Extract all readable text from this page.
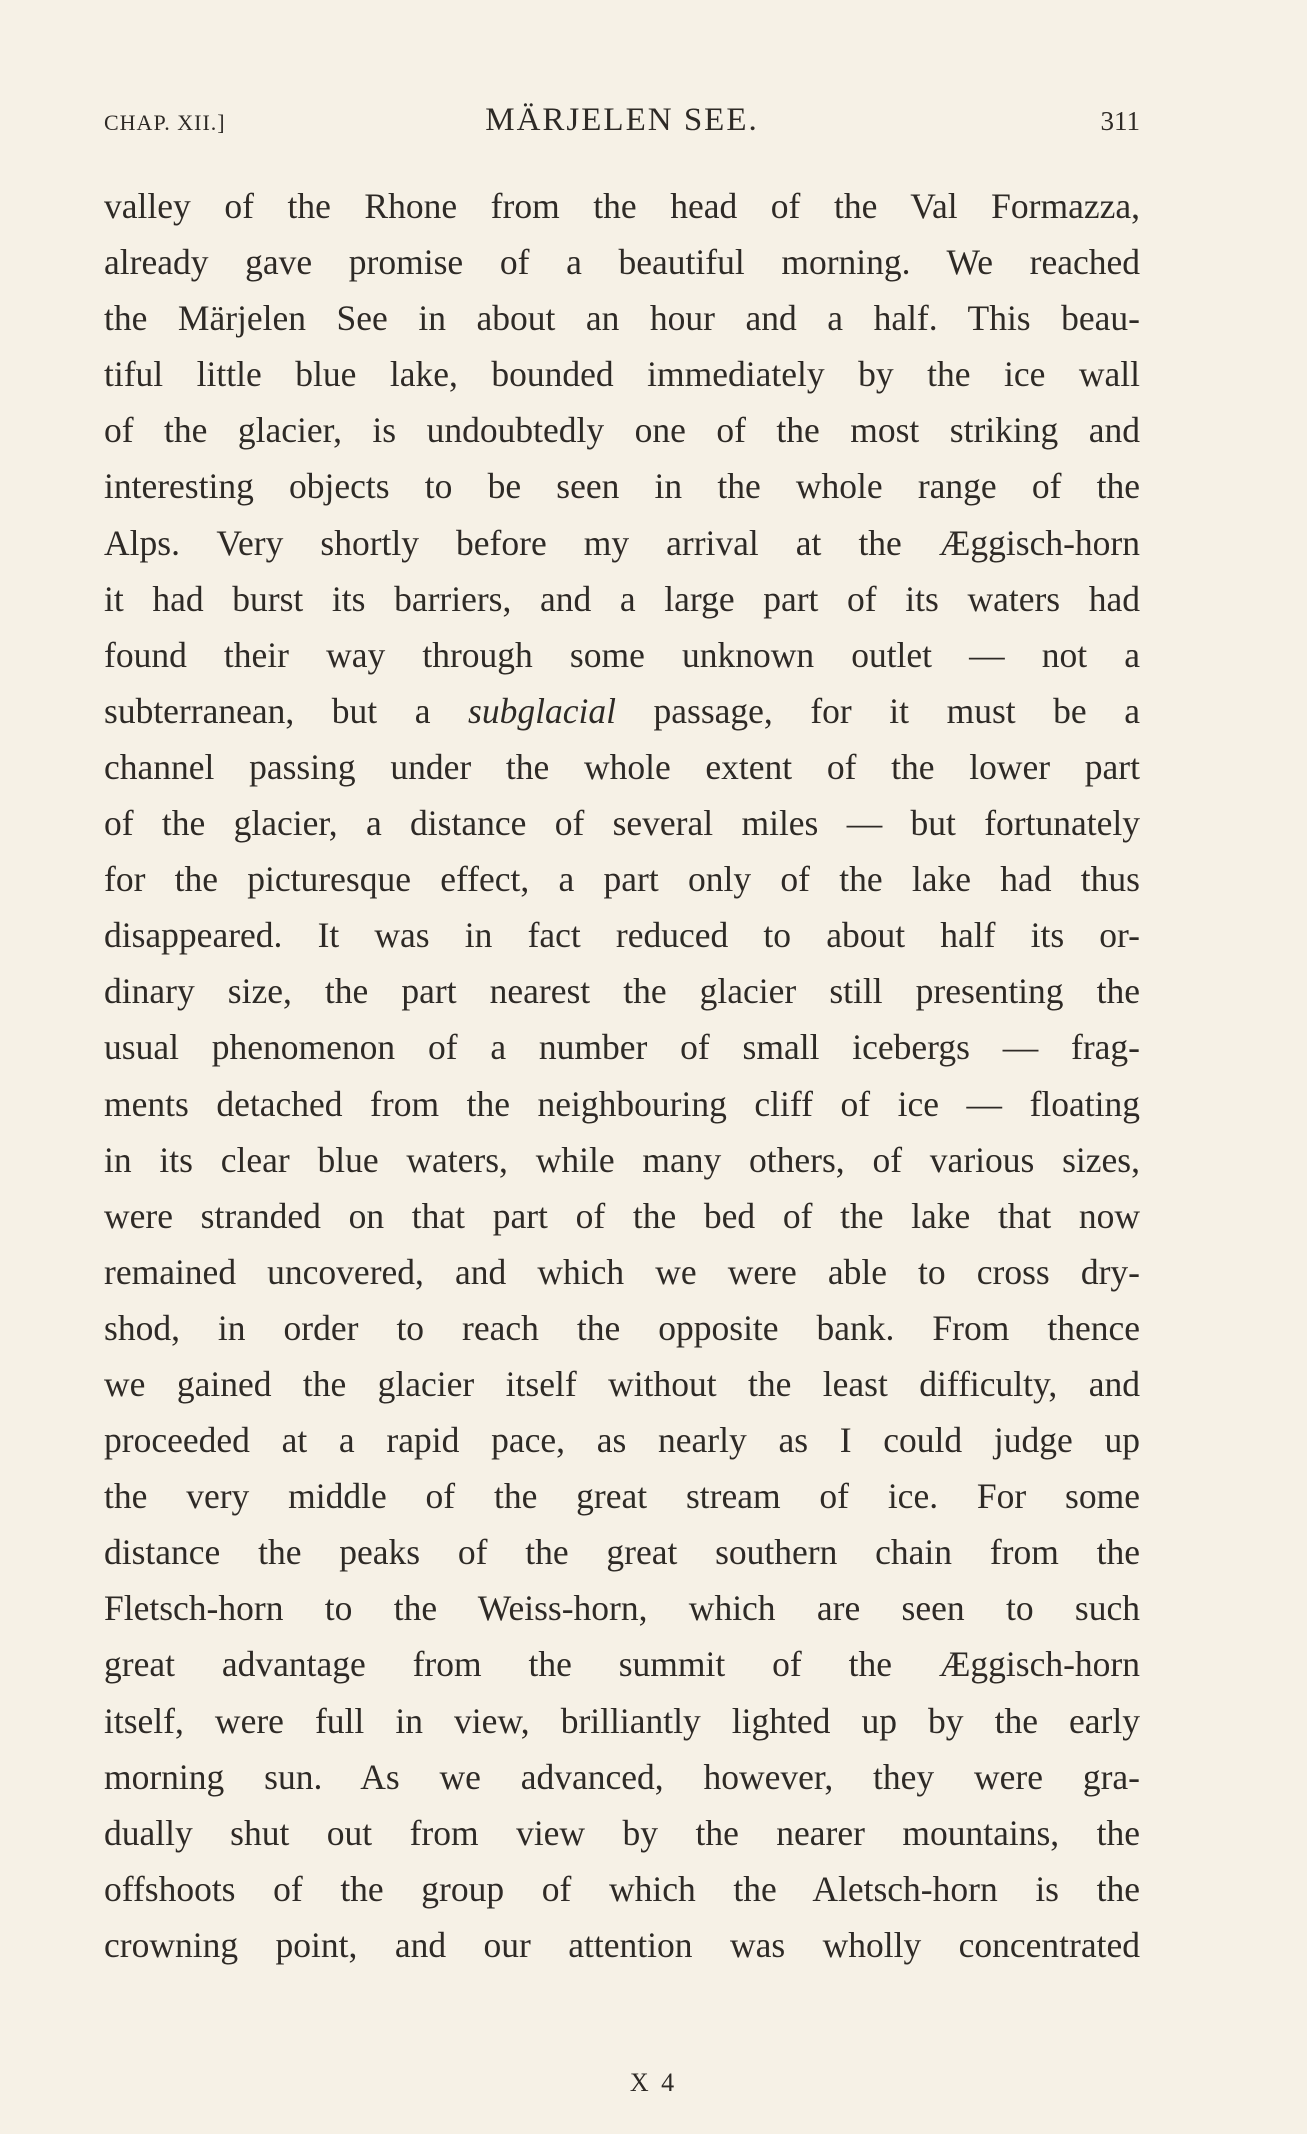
CHAP. XII.]	MÄRJELEN SEE.	311
valley of the Rhone from the head of the Val Formazza,
already gave promise of a beautiful morning. We reached
the Märjelen See in about an hour and a half. This beau-
tiful little blue lake, bounded immediately by the ice wall
of the glacier, is undoubtedly one of the most striking and
interesting objects to be seen in the whole range of the
Alps. Very shortly before my arrival at the Æggisch-horn
it had burst its barriers, and a large part of its waters had
found their way through some unknown outlet — not a
subterranean, but a subglacial passage, for it must be a
channel passing under the whole extent of the lower part
of the glacier, a distance of several miles — but fortunately
for the picturesque effect, a part only of the lake had thus
disappeared. It was in fact reduced to about half its or-
dinary size, the part nearest the glacier still presenting the
usual phenomenon of a number of small icebergs — frag-
ments detached from the neighbouring cliff of ice — floating
in its clear blue waters, while many others, of various sizes,
were stranded on that part of the bed of the lake that now
remained uncovered, and which we were able to cross dry-
shod, in order to reach the opposite bank. From thence
we gained the glacier itself without the least difficulty, and
proceeded at a rapid pace, as nearly as I could judge up
the very middle of the great stream of ice. For some
distance the peaks of the great southern chain from the
Fletsch-horn to the Weiss-horn, which are seen to such
great advantage from the summit of the Æggisch-horn
itself, were full in view, brilliantly lighted up by the early
morning sun. As we advanced, however, they were gra-
dually shut out from view by the nearer mountains, the
offshoots of the group of which the Aletsch-horn is the
crowning point, and our attention was wholly concentrated
X 4
